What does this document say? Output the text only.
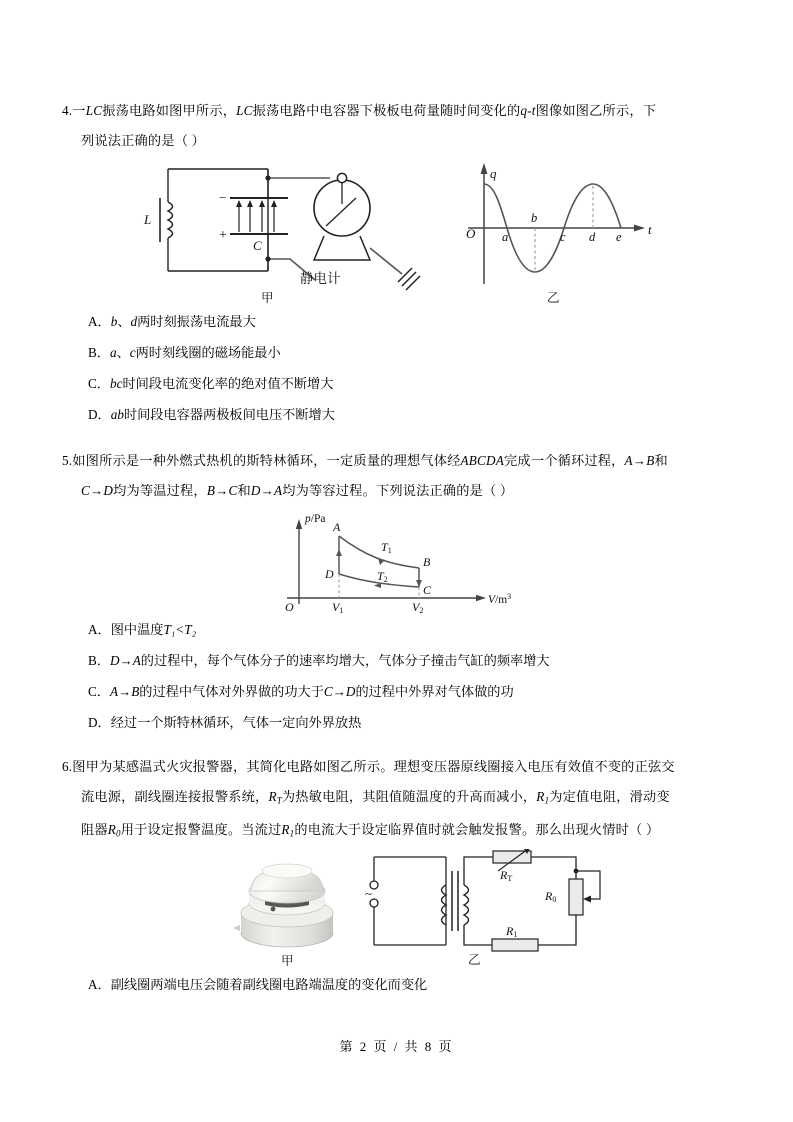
4.一LC振荡电路如图甲所示，LC振荡电路中电容器下极板电荷量随时间变化的q-t图像如图乙所示，下
列说法正确的是（ ）
L
C
−
+
静电计
甲
q
t
O a
b
c d e
乙
A．b、d两时刻振荡电流最大
B．a、c两时刻线圈的磁场能最小
C．bc时间段电流变化率的绝对值不断增大
D．ab时间段电容器两极板间电压不断增大
5.如图所示是一种外燃式热机的斯特林循环，一定质量的理想气体经ABCDA完成一个循环过程，A→B和
C→D均为等温过程，B→C和D→A均为等容过程。下列说法正确的是（ ）
p/Pa
$V/m^3$
O
A
B
C
D
T1
T2
V1	V2
A．图中温度T₁<T₂
B．D→A的过程中，每个气体分子的速率均增大，气体分子撞击气缸的频率增大
C．A→B的过程中气体对外界做的功大于C→D的过程中外界对气体做的功
D．经过一个斯特林循环，气体一定向外界放热
6.图甲为某感温式火灾报警器，其简化电路如图乙所示。理想变压器原线圈接入电压有效值不变的正弦交
流电源，副线圈连接报警系统，$R_T$为热敏电阻，其阻值随温度的升高而减小，$R_1$为定值电阻，滑动变
阻器$R_0$用于设定报警温度。当流过$R_1$的电流大于设定临界值时就会触发报警。那么出现火情时（ ）
甲
~
RT
R0
R1
乙
A．副线圈两端电压会随着副线圈电路端温度的变化而变化
第 2 页 / 共 8 页
